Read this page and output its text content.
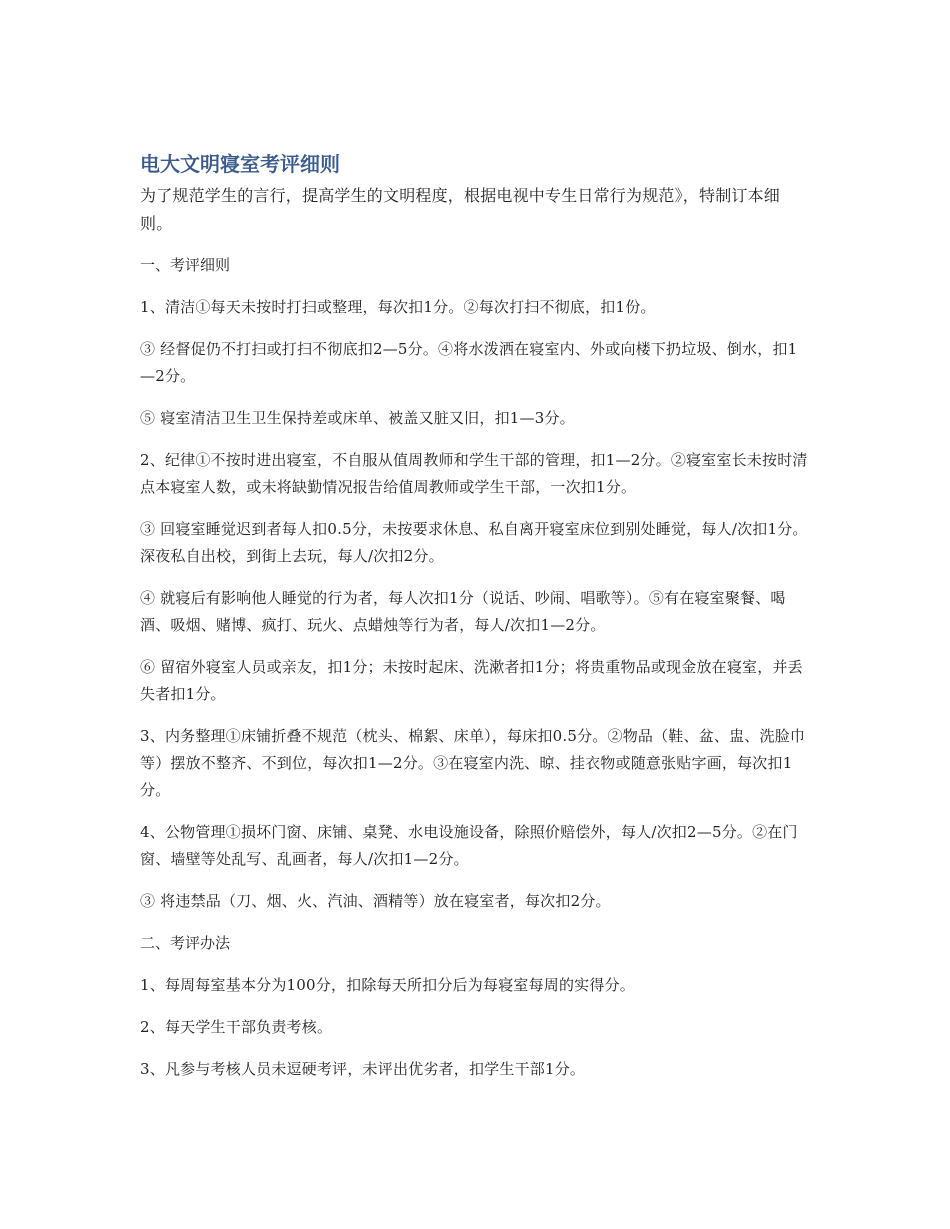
电大文明寝室考评细则

为了规范学生的言行，提高学生的文明程度，根据电视中专生日常行为规范》，特制订本细则。

一、考评细则

1、清洁①每天未按时打扫或整理，每次扣1分。②每次打扫不彻底，扣1份。

③ 经督促仍不打扫或打扫不彻底扣2—5分。④将水泼洒在寝室内、外或向楼下扔垃圾、倒水，扣1—2分。

⑤ 寝室清洁卫生卫生保持差或床单、被盖又脏又旧，扣1—3分。

2、纪律①不按时进出寝室，不自服从值周教师和学生干部的管理，扣1—2分。②寝室室长未按时清点本寝室人数，或未将缺勤情况报告给值周教师或学生干部，一次扣1分。

③ 回寝室睡觉迟到者每人扣0.5分，未按要求休息、私自离开寝室床位到别处睡觉，每人/次扣1分。深夜私自出校，到街上去玩，每人/次扣2分。

④ 就寝后有影响他人睡觉的行为者，每人次扣1分（说话、吵闹、唱歌等）。⑤有在寝室聚餐、喝酒、吸烟、赌博、疯打、玩火、点蜡烛等行为者，每人/次扣1—2分。

⑥ 留宿外寝室人员或亲友，扣1分；未按时起床、洗漱者扣1分；将贵重物品或现金放在寝室，并丢失者扣1分。

3、内务整理①床铺折叠不规范（枕头、棉絮、床单），每床扣0.5分。②物品（鞋、盆、盅、洗脸巾等）摆放不整齐、不到位，每次扣1—2分。③在寝室内洗、晾、挂衣物或随意张贴字画，每次扣1分。

4、公物管理①损坏门窗、床铺、桌凳、水电设施设备，除照价赔偿外，每人/次扣2—5分。②在门窗、墙壁等处乱写、乱画者，每人/次扣1—2分。

③ 将违禁品（刀、烟、火、汽油、酒精等）放在寝室者，每次扣2分。

二、考评办法

1、每周每室基本分为100分，扣除每天所扣分后为每寝室每周的实得分。

2、每天学生干部负责考核。

3、凡参与考核人员未逗硬考评，未评出优劣者，扣学生干部1分。
